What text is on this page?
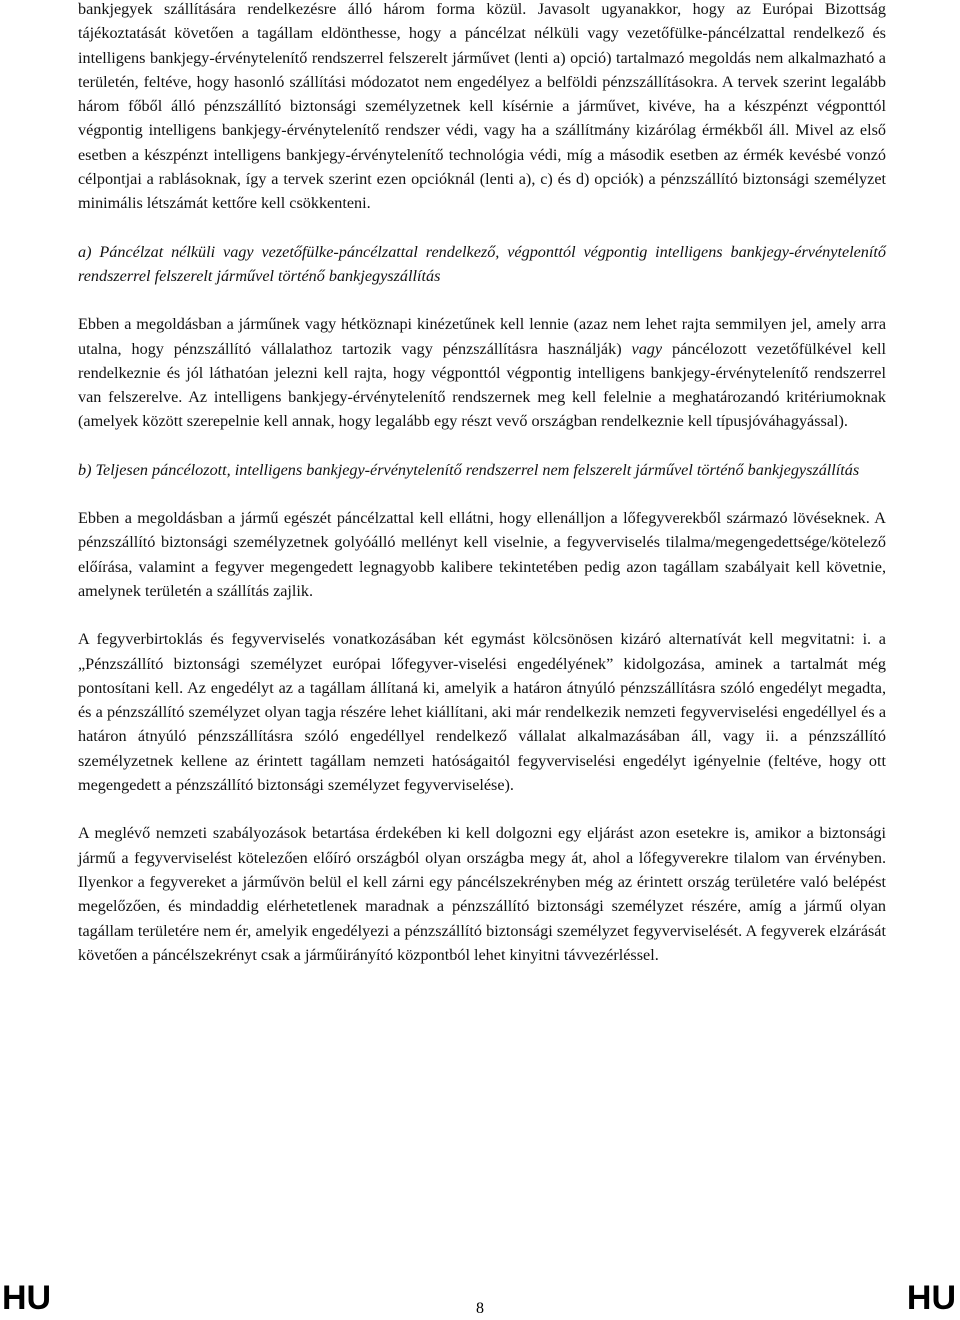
bankjegyek szállítására rendelkezésre álló három forma közül. Javasolt ugyanakkor, hogy az Európai Bizottság tájékoztatását követően a tagállam eldönthesse, hogy a páncélzat nélküli vagy vezetőfülke-páncélzattal rendelkező és intelligens bankjegy-érvénytelenítő rendszerrel felszerelt járművet (lenti a) opció) tartalmazó megoldás nem alkalmazható a területén, feltéve, hogy hasonló szállítási módozatot nem engedélyez a belföldi pénzszállításokra. A tervek szerint legalább három főből álló pénzszállító biztonsági személyzetnek kell kísérnie a járművet, kivéve, ha a készpénzt végponttól végpontig intelligens bankjegy-érvénytelenítő rendszer védi, vagy ha a szállítmány kizárólag érmékből áll. Mivel az első esetben a készpénzt intelligens bankjegy-érvénytelenítő technológia védi, míg a második esetben az érmék kevésbé vonzó célpontjai a rablásoknak, így a tervek szerint ezen opcióknál (lenti a), c) és d) opciók) a pénzszállító biztonsági személyzet minimális létszámát kettőre kell csökkenteni.

a) Páncélzat nélküli vagy vezetőfülke-páncélzattal rendelkező, végponttól végpontig intelligens bankjegy-érvénytelenítő rendszerrel felszerelt járművel történő bankjegyszállítás

Ebben a megoldásban a járműnek vagy hétköznapi kinézetűnek kell lennie (azaz nem lehet rajta semmilyen jel, amely arra utalna, hogy pénzszállító vállalathoz tartozik vagy pénzszállításra használják) vagy páncélozott vezetőfülkével kell rendelkeznie és jól láthatóan jelezni kell rajta, hogy végponttól végpontig intelligens bankjegy-érvénytelenítő rendszerrel van felszerelve. Az intelligens bankjegy-érvénytelenítő rendszernek meg kell felelnie a meghatározandó kritériumoknak (amelyek között szerepelnie kell annak, hogy legalább egy részt vevő országban rendelkeznie kell típusjóváhagyással).

b) Teljesen páncélozott, intelligens bankjegy-érvénytelenítő rendszerrel nem felszerelt járművel történő bankjegyszállítás

Ebben a megoldásban a jármű egészét páncélzattal kell ellátni, hogy ellenálljon a lőfegyverekből származó lövéseknek. A pénzszállító biztonsági személyzetnek golyóálló mellényt kell viselnie, a fegyverviselés tilalma/megengedettsége/kötelező előírása, valamint a fegyver megengedett legnagyobb kalibere tekintetében pedig azon tagállam szabályait kell követnie, amelynek területén a szállítás zajlik.

A fegyverbirtoklás és fegyverviselés vonatkozásában két egymást kölcsönösen kizáró alternatívát kell megvitatni: i. a „Pénzszállító biztonsági személyzet európai lőfegyver-viselési engedélyének” kidolgozása, aminek a tartalmát még pontosítani kell. Az engedélyt az a tagállam állítaná ki, amelyik a határon átnyúló pénzszállításra szóló engedélyt megadta, és a pénzszállító személyzet olyan tagja részére lehet kiállítani, aki már rendelkezik nemzeti fegyverviselési engedéllyel és a határon átnyúló pénzszállításra szóló engedéllyel rendelkező vállalat alkalmazásában áll, vagy ii. a pénzszállító személyzetnek kellene az érintett tagállam nemzeti hatóságaitól fegyverviselési engedélyt igényelnie (feltéve, hogy ott megengedett a pénzszállító biztonsági személyzet fegyverviselése).

A meglévő nemzeti szabályozások betartása érdekében ki kell dolgozni egy eljárást azon esetekre is, amikor a biztonsági jármű a fegyverviselést kötelezően előíró országból olyan országba megy át, ahol a lőfegyverekre tilalom van érvényben. Ilyenkor a fegyvereket a járművön belül el kell zárni egy páncélszekrényben még az érintett ország területére való belépést megelőzően, és mindaddig elérhetetlenek maradnak a pénzszállító biztonsági személyzet részére, amíg a jármű olyan tagállam területére nem ér, amelyik engedélyezi a pénzszállító biztonsági személyzet fegyverviselését. A fegyverek elzárását követően a páncélszekrényt csak a járműirányító központból lehet kinyitni távvezérléssel.

HU	8	HU
